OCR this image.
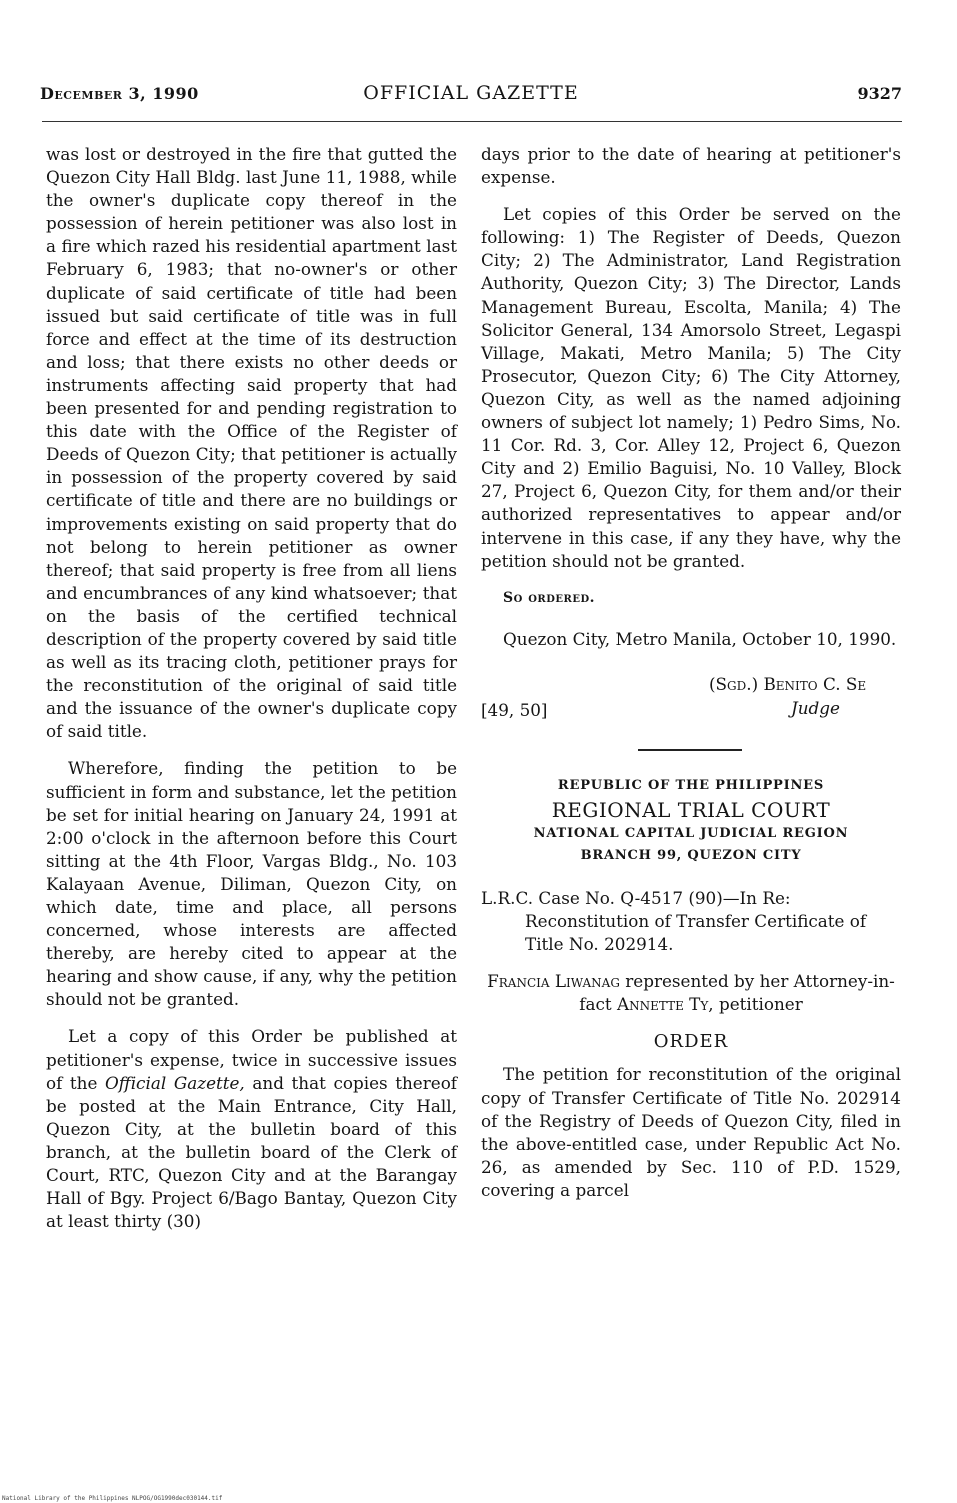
December 3, 1990	OFFICIAL GAZETTE	9327

was lost or destroyed in the fire that gutted the Quezon City Hall Bldg. last June 11, 1988, while the owner's duplicate copy thereof in the possession of herein petitioner was also lost in a fire which razed his residential apartment last February 6, 1983; that no-owner's or other duplicate of said certificate of title had been issued but said certificate of title was in full force and effect at the time of its destruction and loss; that there exists no other deeds or instruments affecting said property that had been presented for and pending registration to this date with the Office of the Register of Deeds of Quezon City; that petitioner is actually in possession of the property covered by said certificate of title and there are no buildings or improvements existing on said property that do not belong to herein petitioner as owner thereof; that said property is free from all liens and encumbrances of any kind whatsoever; that on the basis of the certified technical description of the property covered by said title as well as its tracing cloth, petitioner prays for the reconstitution of the original of said title and the issuance of the owner's duplicate copy of said title.

Wherefore, finding the petition to be sufficient in form and substance, let the petition be set for initial hearing on January 24, 1991 at 2:00 o'clock in the afternoon before this Court sitting at the 4th Floor, Vargas Bldg., No. 103 Kalayaan Avenue, Diliman, Quezon City, on which date, time and place, all persons concerned, whose interests are affected thereby, are hereby cited to appear at the hearing and show cause, if any, why the petition should not be granted.

Let a copy of this Order be published at petitioner's expense, twice in successive issues of the Official Gazette, and that copies thereof be posted at the Main Entrance, City Hall, Quezon City, at the bulletin board of this branch, at the bulletin board of the Clerk of Court, RTC, Quezon City and at the Barangay Hall of Bgy. Project 6/Bago Bantay, Quezon City at least thirty (30)

days prior to the date of hearing at petitioner's expense.

Let copies of this Order be served on the following: 1) The Register of Deeds, Quezon City; 2) The Administrator, Land Registration Authority, Quezon City; 3) The Director, Lands Management Bureau, Escolta, Manila; 4) The Solicitor General, 134 Amorsolo Street, Legaspi Village, Makati, Metro Manila; 5) The City Prosecutor, Quezon City; 6) The City Attorney, Quezon City, as well as the named adjoining owners of subject lot namely; 1) Pedro Sims, No. 11 Cor. Rd. 3, Cor. Alley 12, Project 6, Quezon City and 2) Emilio Baguisi, No. 10 Valley, Block 27, Project 6, Quezon City, for them and/or their authorized representatives to appear and/or intervene in this case, if any they have, why the petition should not be granted.

So ordered.

Quezon City, Metro Manila, October 10, 1990.

[49, 50]
(Sgd.) Benito C. Se
Judge
REPUBLIC OF THE PHILIPPINES
REGIONAL TRIAL COURT
NATIONAL CAPITAL JUDICIAL REGION
BRANCH 99, QUEZON CITY

L.R.C. Case No. Q-4517 (90)—In Re: Reconstitution of Transfer Certificate of Title No. 202914.

Francia Liwanag represented by her Attorney-in-fact Annette Ty, petitioner

ORDER

The petition for reconstitution of the original copy of Transfer Certificate of Title No. 202914 of the Registry of Deeds of Quezon City, filed in the above-entitled case, under Republic Act No. 26, as amended by Sec. 110 of P.D. 1529, covering a parcel

National Library of the Philippines NLPOG/OG1990dec030144.tif
